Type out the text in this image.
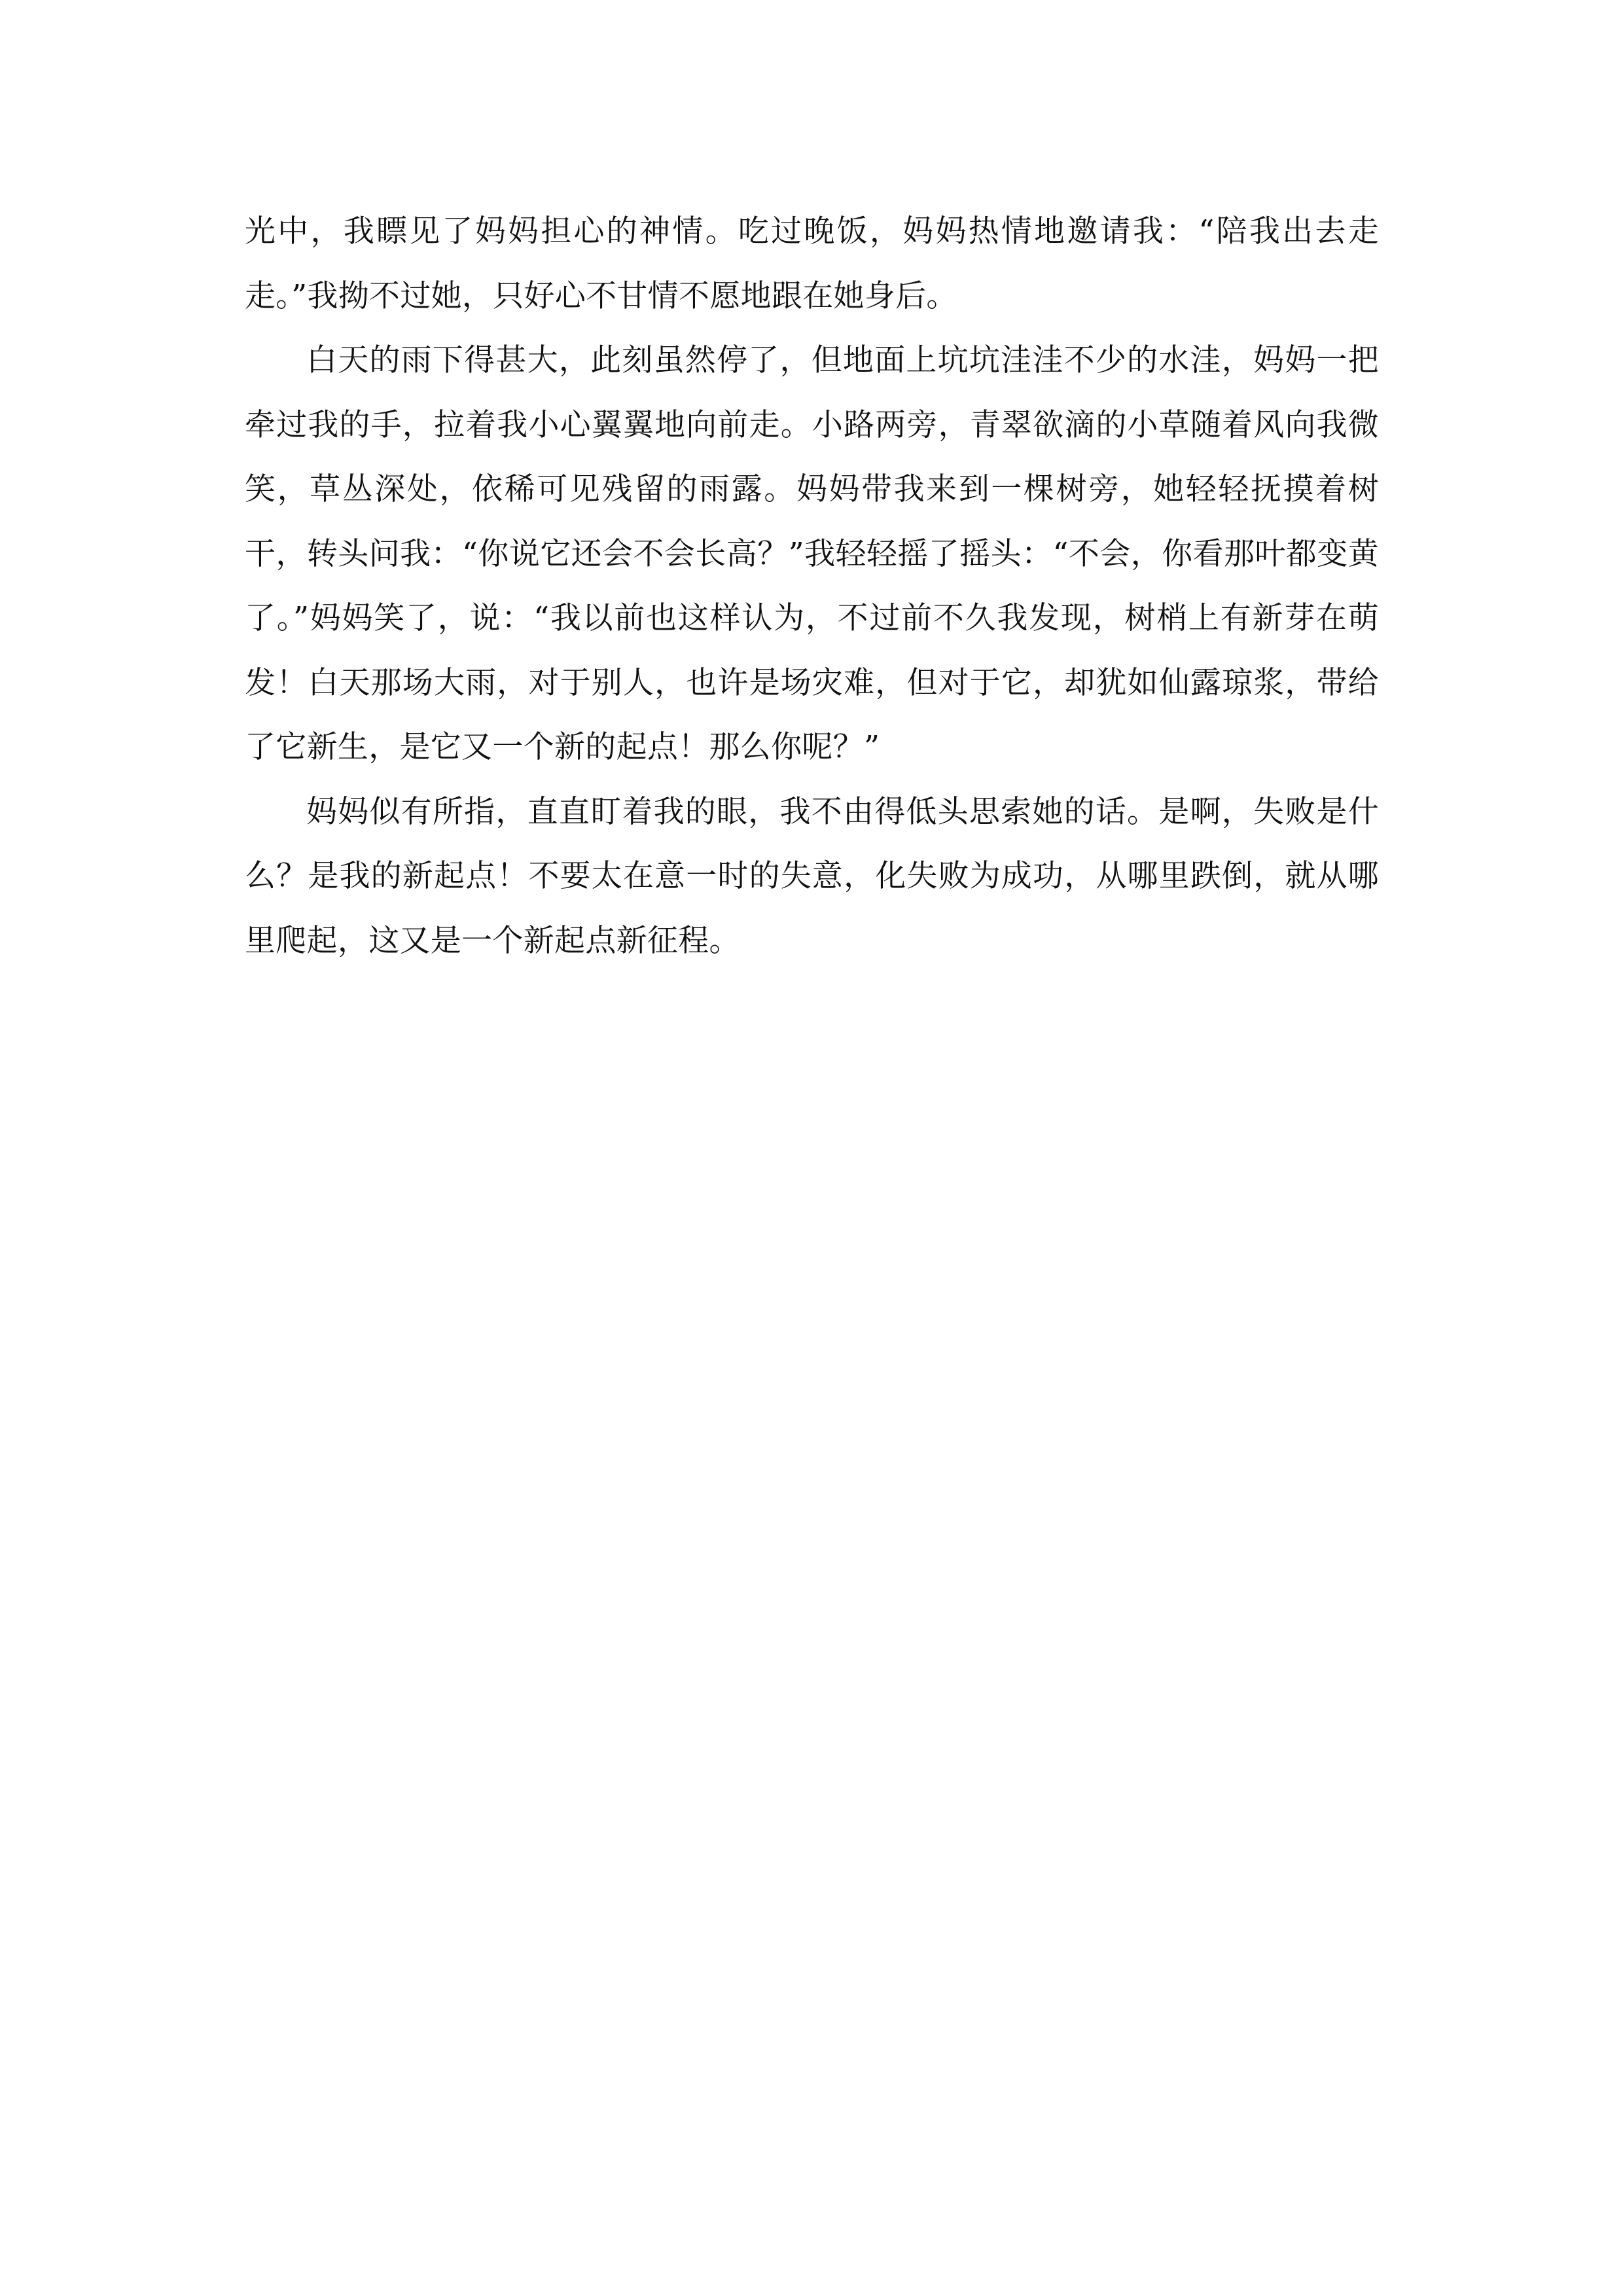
光中，我瞟见了妈妈担心的神情。吃过晚饭，妈妈热情地邀请我：“陪我出去走走。”我拗不过她，只好心不甘情不愿地跟在她身后。

白天的雨下得甚大，此刻虽然停了，但地面上坑坑洼洼不少的水洼，妈妈一把牵过我的手，拉着我小心翼翼地向前走。小路两旁，青翠欲滴的小草随着风向我微笑，草丛深处，依稀可见残留的雨露。妈妈带我来到一棵树旁，她轻轻抚摸着树干，转头问我：“你说它还会不会长高？”我轻轻摇了摇头：“不会，你看那叶都变黄了。”妈妈笑了，说：“我以前也这样认为，不过前不久我发现，树梢上有新芽在萌发！白天那场大雨，对于别人，也许是场灾难，但对于它，却犹如仙露琼浆，带给了它新生，是它又一个新的起点！那么你呢？”

妈妈似有所指，直直盯着我的眼，我不由得低头思索她的话。是啊，失败是什么？是我的新起点！不要太在意一时的失意，化失败为成功，从哪里跌倒，就从哪里爬起，这又是一个新起点新征程。
